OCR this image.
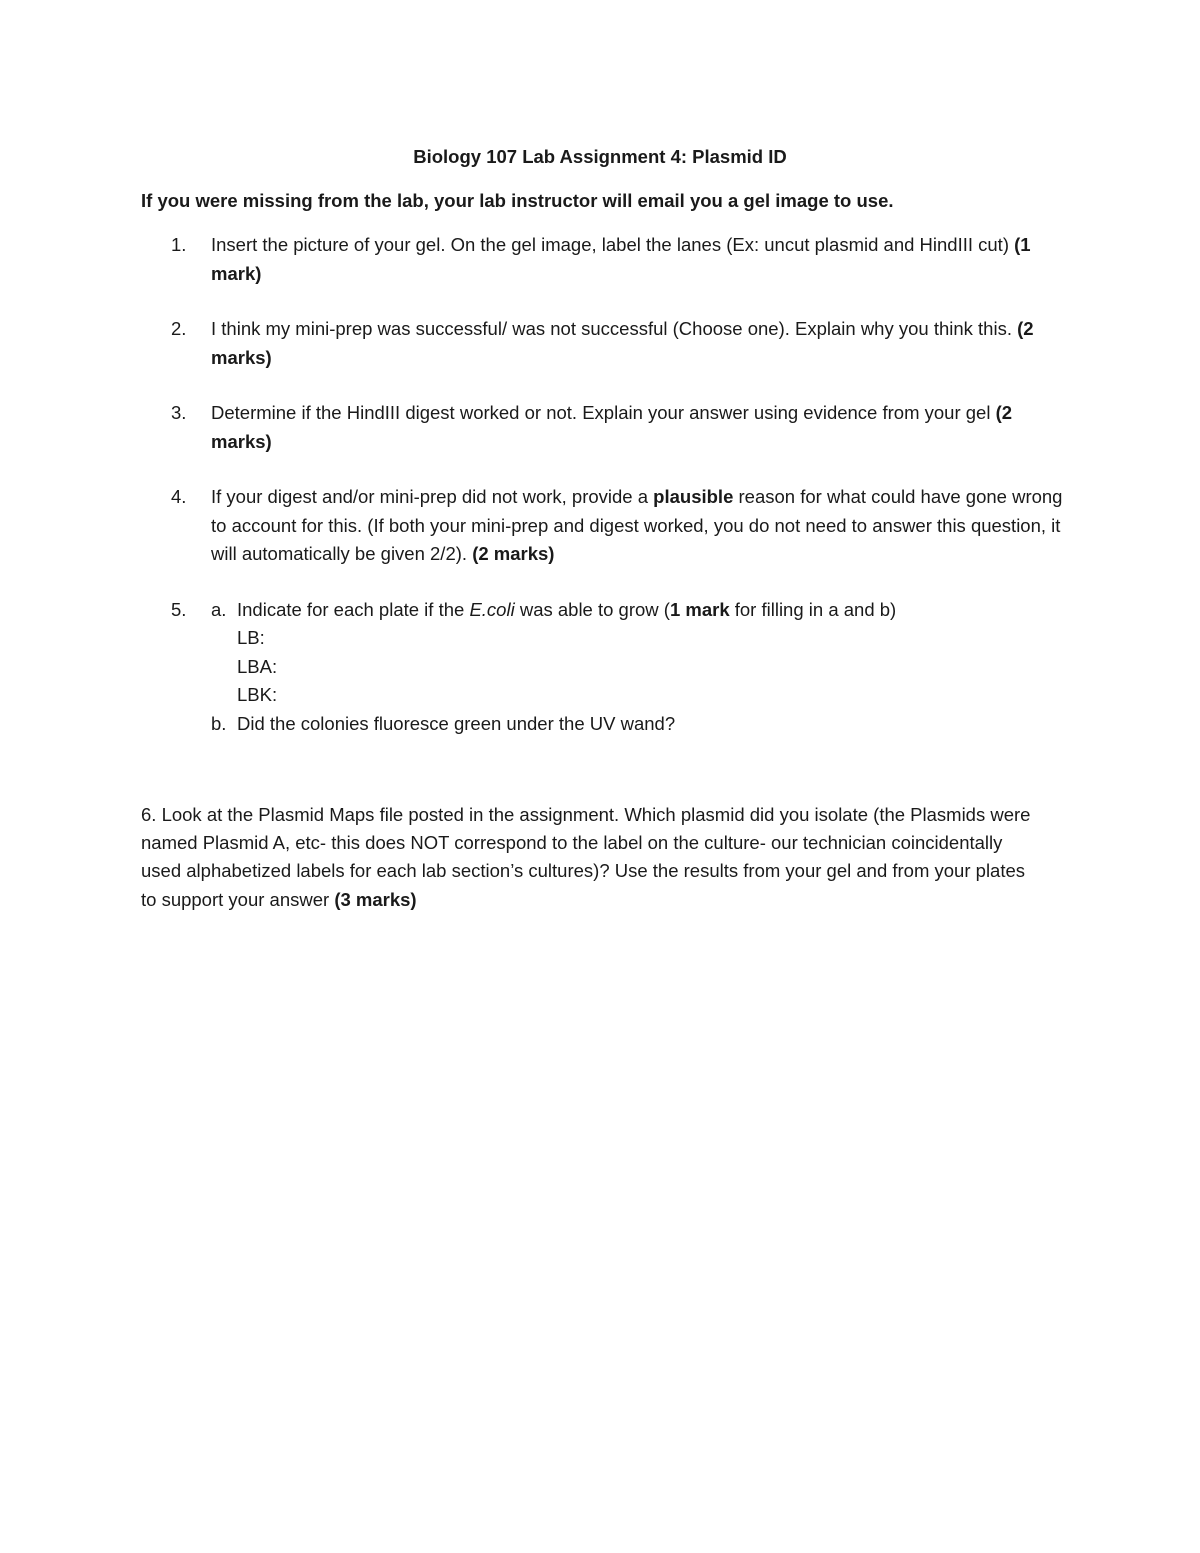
Biology 107 Lab Assignment 4: Plasmid ID
If you were missing from the lab, your lab instructor will email you a gel image to use.
1. Insert the picture of your gel. On the gel image, label the lanes (Ex: uncut plasmid and HindIII cut) (1 mark)
2. I think my mini-prep was successful/ was not successful (Choose one). Explain why you think this. (2 marks)
3. Determine if the HindIII digest worked or not. Explain your answer using evidence from your gel (2 marks)
4. If your digest and/or mini-prep did not work, provide a plausible reason for what could have gone wrong to account for this. (If both your mini-prep and digest worked, you do not need to answer this question, it will automatically be given 2/2). (2 marks)
5. a. Indicate for each plate if the E.coli was able to grow (1 mark for filling in a and b)
LB:
LBA:
LBK:
b. Did the colonies fluoresce green under the UV wand?
6. Look at the Plasmid Maps file posted in the assignment. Which plasmid did you isolate (the Plasmids were named Plasmid A, etc- this does NOT correspond to the label on the culture- our technician coincidentally used alphabetized labels for each lab section’s cultures)? Use the results from your gel and from your plates to support your answer (3 marks)
